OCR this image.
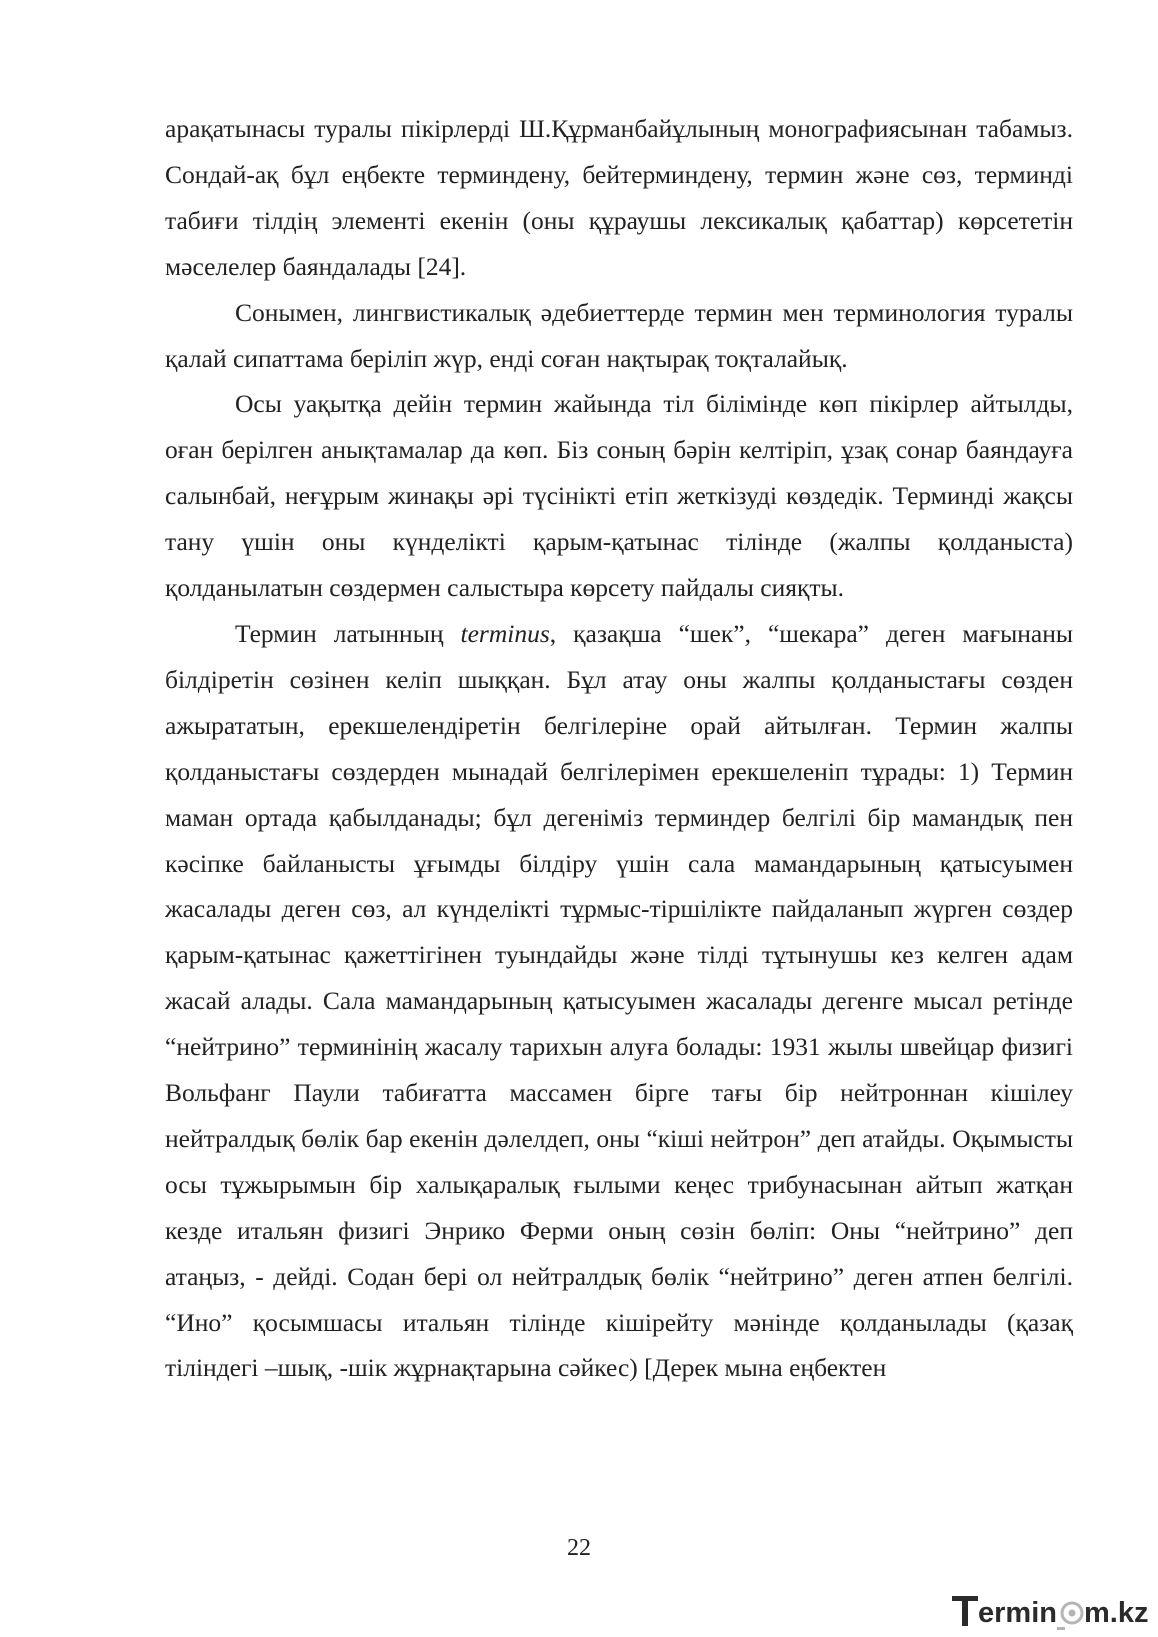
арақатынасы туралы пікірлерді Ш.Құрманбайұлының монографиясынан табамыз. Сондай-ақ бұл еңбекте терминдену, бейтерминдену, термин және сөз, терминді табиғи тілдің элементі екенін (оны құраушы лексикалық қабаттар) көрсететін мәселелер баяндалады [24].

Сонымен, лингвистикалық әдебиеттерде термин мен терминология туралы қалай сипаттама беріліп жүр, енді соған нақтырақ тоқталайық.

Осы уақытқа дейін термин жайында тіл білімінде көп пікірлер айтылды, оған берілген анықтамалар да көп. Біз соның бәрін келтіріп, ұзақ сонар баяндауға салынбай, неғұрым жинақы әрі түсінікті етіп жеткізуді көздедік. Терминді жақсы тану үшін оны күнделікті қарым-қатынас тілінде (жалпы қолданыста) қолданылатын сөздермен салыстыра көрсету пайдалы сияқты.

Термин латынның terminus, қазақша “шек”, “шекара” деген мағынаны білдіретін сөзінен келіп шыққан. Бұл атау оны жалпы қолданыстағы сөзден ажырататын, ерекшелендіретін белгілеріне орай айтылған. Термин жалпы қолданыстағы сөздерден мынадай белгілерімен ерекшеленіп тұрады: 1) Термин маман ортада қабылданады; бұл дегеніміз терминдер белгілі бір мамандық пен кәсіпке байланысты ұғымды білдіру үшін сала мамандарының қатысуымен жасалады деген сөз, ал күнделікті тұрмыс-тіршілікте пайдаланып жүрген сөздер қарым-қатынас қажеттігінен туындайды және тілді тұтынушы кез келген адам жасай алады. Сала мамандарының қатысуымен жасалады дегенге мысал ретінде “нейтрино” терминінің жасалу тарихын алуға болады: 1931 жылы швейцар физигі Вольфанг Паули табиғатта массамен бірге тағы бір нейтроннан кішілеу нейтралдық бөлік бар екенін дәлелдеп, оны “кіші нейтрон” деп атайды. Оқымысты осы тұжырымын бір халықаралық ғылыми кеңес трибунасынан айтып жатқан кезде итальян физигі Энрико Ферми оның сөзін бөліп: Оны “нейтрино” деп атаңыз, - дейді. Содан бері ол нейтралдық бөлік “нейтрино” деген атпен белгілі. “Ино” қосымшасы итальян тілінде кішірейту мәнінде қолданылады (қазақ тіліндегі –шық, -шік жұрнақтарына сәйкес) [Дерек мына еңбектен

22
ermin m.kz
